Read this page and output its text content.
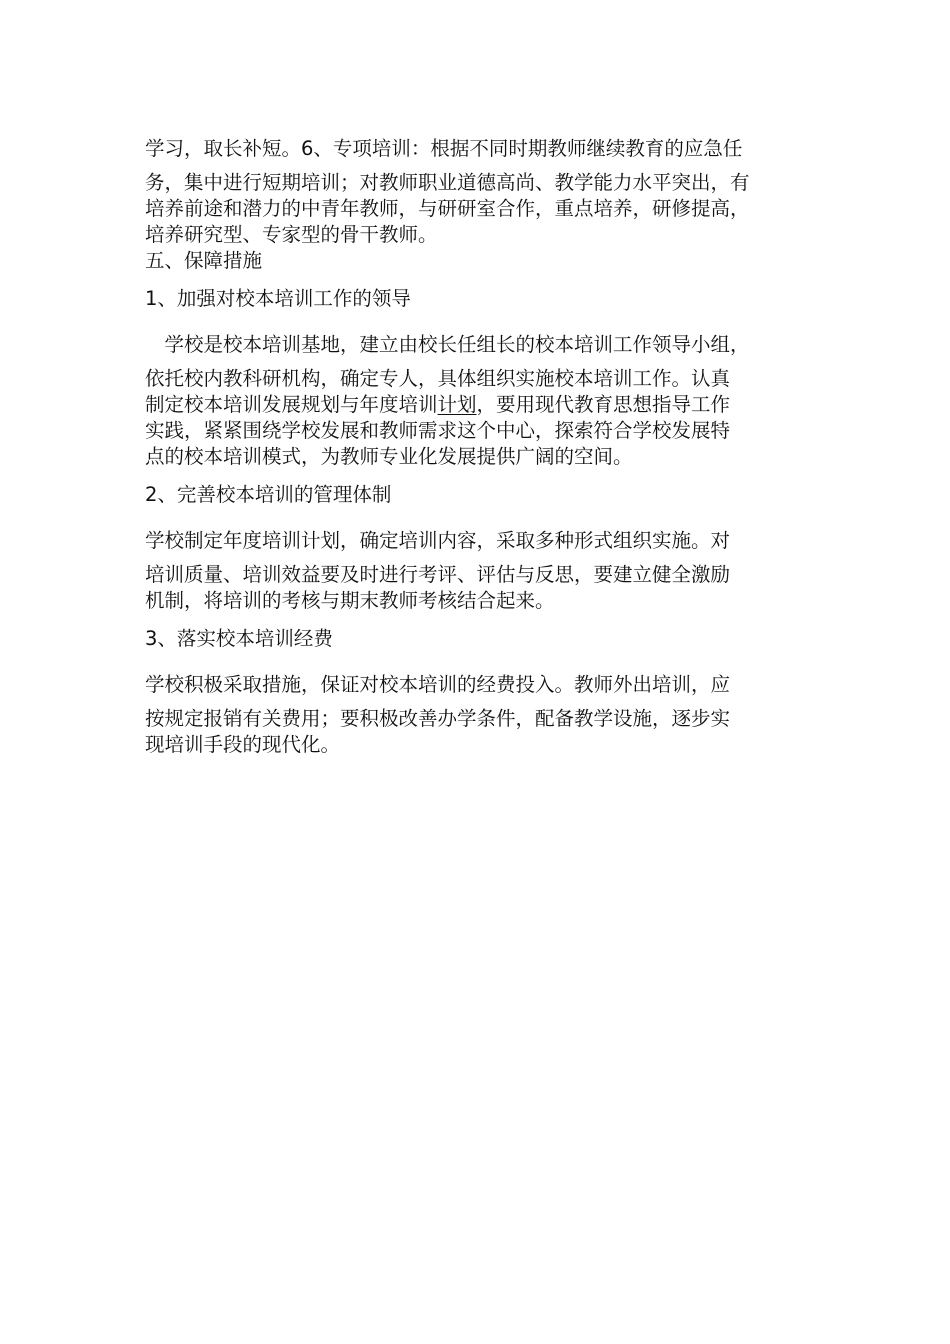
学习，取长补短。6、专项培训：根据不同时期教师继续教育的应急任

务，集中进行短期培训；对教师职业道德高尚、教学能力水平突出，有

培养前途和潜力的中青年教师，与研研室合作，重点培养，研修提高，

培养研究型、专家型的骨干教师。

五、保障措施

1、加强对校本培训工作的领导

　学校是校本培训基地，建立由校长任组长的校本培训工作领导小组，

依托校内教科研机构，确定专人，具体组织实施校本培训工作。认真

制定校本培训发展规划与年度培训计划，要用现代教育思想指导工作

实践，紧紧围绕学校发展和教师需求这个中心，探索符合学校发展特

点的校本培训模式，为教师专业化发展提供广阔的空间。

2、完善校本培训的管理体制

学校制定年度培训计划，确定培训内容，采取多种形式组织实施。对

培训质量、培训效益要及时进行考评、评估与反思，要建立健全激励

机制，将培训的考核与期末教师考核结合起来。

3、落实校本培训经费

学校积极采取措施，保证对校本培训的经费投入。教师外出培训，应

按规定报销有关费用；要积极改善办学条件，配备教学设施，逐步实

现培训手段的现代化。
